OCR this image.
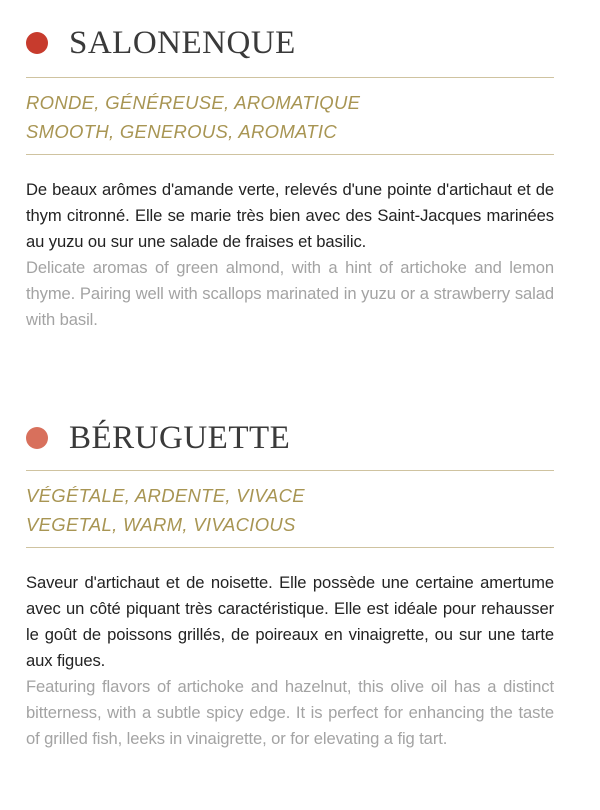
SALONENQUE
RONDE, GÉNÉREUSE, AROMATIQUE
SMOOTH, GENEROUS, AROMATIC
De beaux arômes d'amande verte, relevés d'une pointe d'artichaut et de thym citronné. Elle se marie très bien avec des Saint-Jacques marinées au yuzu ou sur une salade de fraises et basilic.
Delicate aromas of green almond, with a hint of artichoke and lemon thyme. Pairing well with scallops marinated in yuzu or a strawberry salad with basil.
BÉRUGUETTE
VÉGÉTALE, ARDENTE, VIVACE
VEGETAL, WARM, VIVACIOUS
Saveur d'artichaut et de noisette. Elle possède une certaine amertume avec un côté piquant très caractéristique. Elle est idéale pour rehausser le goût de poissons grillés, de poireaux en vinaigrette, ou sur une tarte aux figues.
Featuring flavors of artichoke and hazelnut, this olive oil has a distinct bitterness, with a subtle spicy edge. It is perfect for enhancing the taste of grilled fish, leeks in vinaigrette, or for elevating a fig tart.
